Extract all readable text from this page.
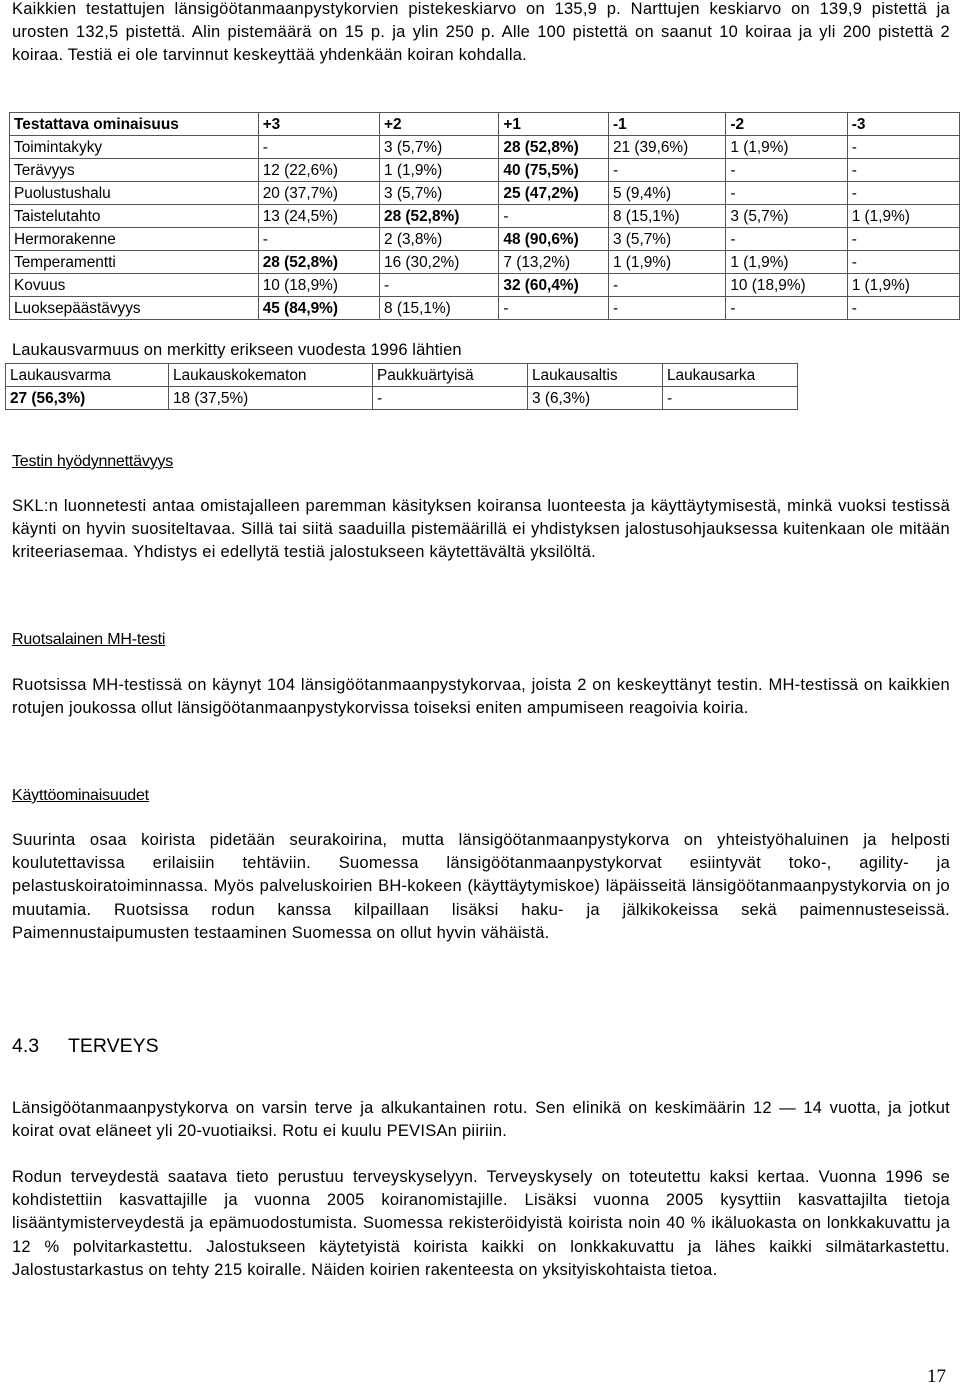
Kaikkien testattujen länsigöötanmaanpystykorvien pistekeskiarvo on 135,9 p. Narttujen keskiarvo on 139,9 pistettä ja urosten 132,5 pistettä. Alin pistemäärä on 15 p. ja ylin 250 p. Alle 100 pistettä on saanut 10 koiraa ja yli 200 pistettä 2 koiraa. Testiä ei ole tarvinnut keskeyttää yhdenkään koiran kohdalla.

Testattava ominaisuus	+3	+2	+1	-1	-2	-3
Toimintakyky	-	3 (5,7%)	28 (52,8%)	21 (39,6%)	1 (1,9%)	-
Terävyys	12 (22,6%)	1 (1,9%)	40 (75,5%)	-	-	-
Puolustushalu	20 (37,7%)	3 (5,7%)	25 (47,2%)	5 (9,4%)	-	-
Taistelutahto	13 (24,5%)	28 (52,8%)	-	8 (15,1%)	3 (5,7%)	1 (1,9%)
Hermorakenne	-	2 (3,8%)	48 (90,6%)	3 (5,7%)	-	-
Temperamentti	28 (52,8%)	16 (30,2%)	7 (13,2%)	1 (1,9%)	1 (1,9%)	-
Kovuus	10 (18,9%)	-	32 (60,4%)	-	10 (18,9%)	1 (1,9%)
Luoksepäästävyys	45 (84,9%)	8 (15,1%)	-	-	-	-

Laukausvarmuus on merkitty erikseen vuodesta 1996 lähtien

Laukausvarma	Laukauskokematon	Paukkuärtyisä	Laukausaltis	Laukausarka
27 (56,3%)	18 (37,5%)	-	3 (6,3%)	-

Testin hyödynnettävyys

SKL:n luonnetesti antaa omistajalleen paremman käsityksen koiransa luonteesta ja käyttäytymisestä, minkä vuoksi testissä käynti on hyvin suositeltavaa. Sillä tai siitä saaduilla pistemäärillä ei yhdistyksen jalostusohjauksessa kuitenkaan ole mitään kriteeriasemaa. Yhdistys ei edellytä testiä jalostukseen käytettävältä yksilöltä.

Ruotsalainen MH-testi

Ruotsissa MH-testissä on käynyt 104 länsigöötanmaanpystykorvaa, joista 2 on keskeyttänyt testin. MH-testissä on kaikkien rotujen joukossa ollut länsigöötanmaanpystykorvissa toiseksi eniten ampumiseen reagoivia koiria.

Käyttöominaisuudet

Suurinta osaa koirista pidetään seurakoirina, mutta länsigöötanmaanpystykorva on yhteistyöhaluinen ja helposti koulutettavissa erilaisiin tehtäviin. Suomessa länsigöötanmaanpystykorvat esiintyvät toko-, agility- ja pelastuskoiratoiminnassa. Myös palveluskoirien BH-kokeen (käyttäytymiskoe) läpäisseitä länsigöötanmaanpystykorvia on jo muutamia. Ruotsissa rodun kanssa kilpaillaan lisäksi haku- ja jälkikokeissa sekä paimennusteseissä. Paimennustaipumusten testaaminen Suomessa on ollut hyvin vähäistä.

4.3 TERVEYS

Länsigöötanmaanpystykorva on varsin terve ja alkukantainen rotu. Sen elinikä on keskimäärin 12 — 14 vuotta, ja jotkut koirat ovat eläneet yli 20-vuotiaiksi. Rotu ei kuulu PEVISAn piiriin.

Rodun terveydestä saatava tieto perustuu terveyskyselyyn. Terveyskysely on toteutettu kaksi kertaa. Vuonna 1996 se kohdistettiin kasvattajille ja vuonna 2005 koiranomistajille. Lisäksi vuonna 2005 kysyttiin kasvattajilta tietoja lisääntymisterveydestä ja epämuodostumista. Suomessa rekisteröidyistä koirista noin 40 % ikäluokasta on lonkkakuvattu ja 12 % polvitarkastettu. Jalostukseen käytetyistä koirista kaikki on lonkkakuvattu ja lähes kaikki silmätarkastettu. Jalostustarkastus on tehty 215 koiralle. Näiden koirien rakenteesta on yksityiskohtaista tietoa.

17
